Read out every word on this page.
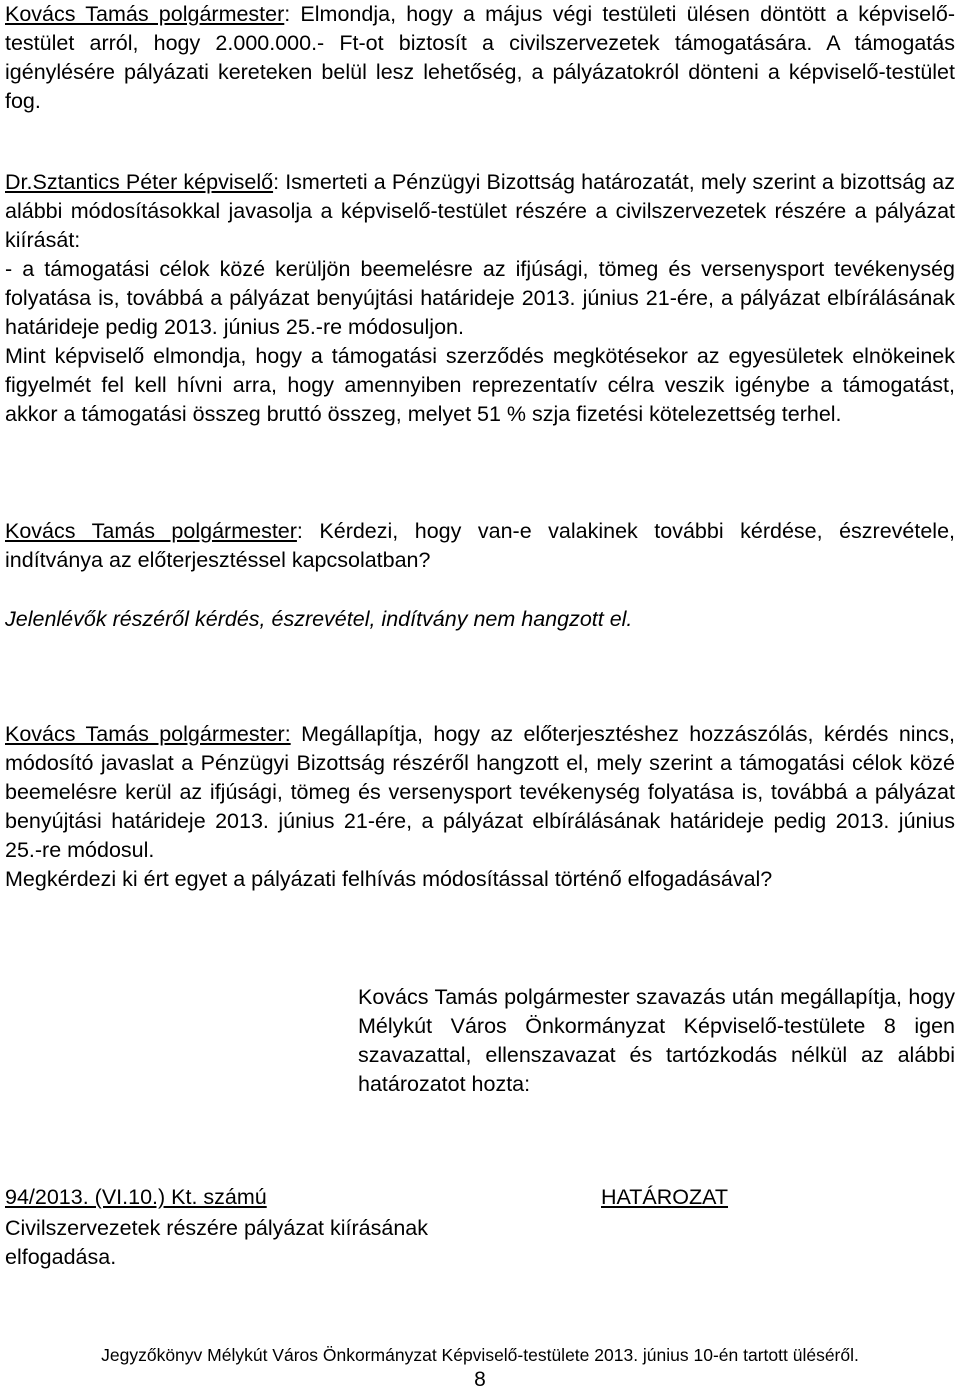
Kovács Tamás polgármester: Elmondja, hogy a május végi testületi ülésen döntött a képviselő-testület arról, hogy 2.000.000.- Ft-ot biztosít a civilszervezetek támogatására. A támogatás igénylésére pályázati kereteken belül lesz lehetőség, a pályázatokról dönteni a képviselő-testület fog.

Dr.Sztantics Péter képviselő: Ismerteti a Pénzügyi Bizottság határozatát, mely szerint a bizottság az alábbi módosításokkal javasolja a képviselő-testület részére a civilszervezetek részére a pályázat kiírását:

- a támogatási célok közé kerüljön beemelésre az ifjúsági, tömeg és versenysport tevékenység folyatása is, továbbá a pályázat benyújtási határideje 2013. június 21-ére, a pályázat elbírálásának határideje pedig 2013. június 25.-re módosuljon.

Mint képviselő elmondja, hogy a támogatási szerződés megkötésekor az egyesületek elnökeinek figyelmét fel kell hívni arra, hogy amennyiben reprezentatív célra veszik igénybe a támogatást, akkor a támogatási összeg bruttó összeg, melyet 51 % szja fizetési kötelezettség terhel.

Kovács Tamás polgármester: Kérdezi, hogy van-e valakinek további kérdése, észrevétele, indítványa az előterjesztéssel kapcsolatban?

Jelenlévők részéről kérdés, észrevétel, indítvány nem hangzott el.

Kovács Tamás polgármester: Megállapítja, hogy az előterjesztéshez hozzászólás, kérdés nincs, módosító javaslat a Pénzügyi Bizottság részéről hangzott el, mely szerint a támogatási célok közé beemelésre kerül az ifjúsági, tömeg és versenysport tevékenység folyatása is, továbbá a pályázat benyújtási határideje 2013. június 21-ére, a pályázat elbírálásának határideje pedig 2013. június 25.-re módosul.

Megkérdezi ki ért egyet a pályázati felhívás módosítással történő elfogadásával?

Kovács Tamás polgármester szavazás után megállapítja, hogy Mélykút Város Önkormányzat Képviselő-testülete 8 igen szavazattal, ellenszavazat és tartózkodás nélkül az alábbi határozatot hozta:

94/2013. (VI.10.) Kt. számú	HATÁROZAT
Civilszervezetek részére pályázat kiírásának elfogadása.
Jegyzőkönyv Mélykút Város Önkormányzat Képviselő-testülete 2013. június 10-én tartott üléséről.
8
